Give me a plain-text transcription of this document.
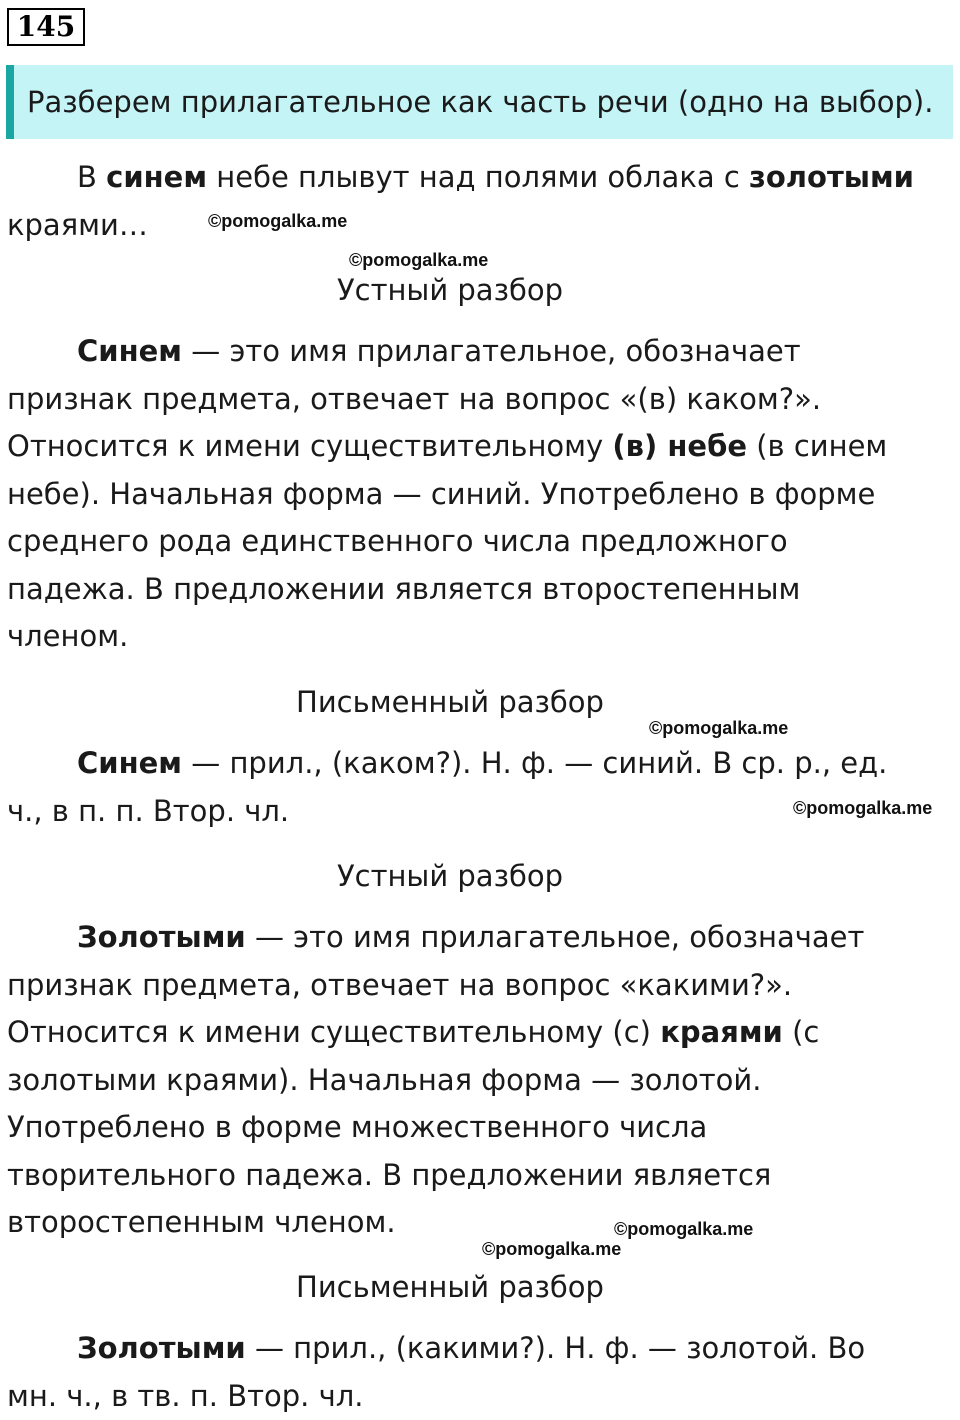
145
Разберем прилагательное как часть речи (одно на выбор).
В синем небе плывут над полями облака с золотыми
краями…
Устный разбор
Синем — это имя прилагательное, обозначает
признак предмета, отвечает на вопрос «(в) каком?».
Относится к имени существительному (в) небе (в синем
небе). Начальная форма — синий. Употреблено в форме
среднего рода единственного числа предложного
падежа. В предложении является второстепенным
членом.
Письменный разбор
Синем — прил., (каком?). Н. ф. — синий. В ср. р., ед.
ч., в п. п. Втор. чл.
Устный разбор
Золотыми — это имя прилагательное, обозначает
признак предмета, отвечает на вопрос «какими?».
Относится к имени существительному (с) краями (с
золотыми краями). Начальная форма — золотой.
Употреблено в форме множественного числа
творительного падежа. В предложении является
второстепенным членом.
Письменный разбор
Золотыми — прил., (какими?). Н. ф. — золотой. Во
мн. ч., в тв. п. Втор. чл.
©pomogalka.me
©pomogalka.me
©pomogalka.me
©pomogalka.me
©pomogalka.me
©pomogalka.me
